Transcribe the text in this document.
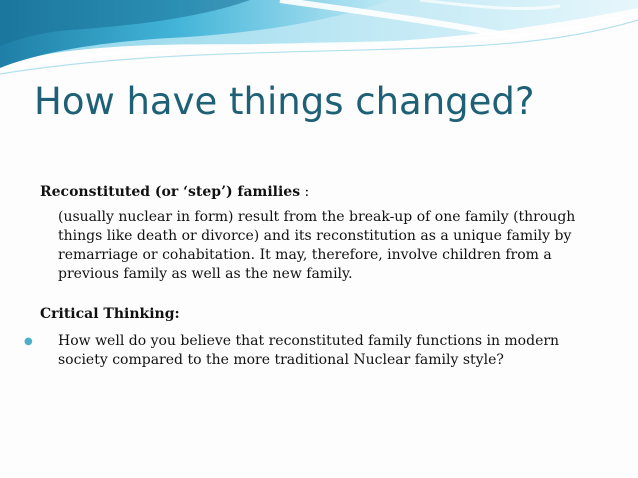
How have things changed?

Reconstituted (or ‘step’) families :

(usually nuclear in form) result from the break-up of one family (through things like death or divorce) and its reconstitution as a unique family by remarriage or cohabitation. It may, therefore, involve children from a previous family as well as the new family.

Critical Thinking:

●	How well do you believe that reconstituted family functions in modern society compared to the more traditional Nuclear family style?
